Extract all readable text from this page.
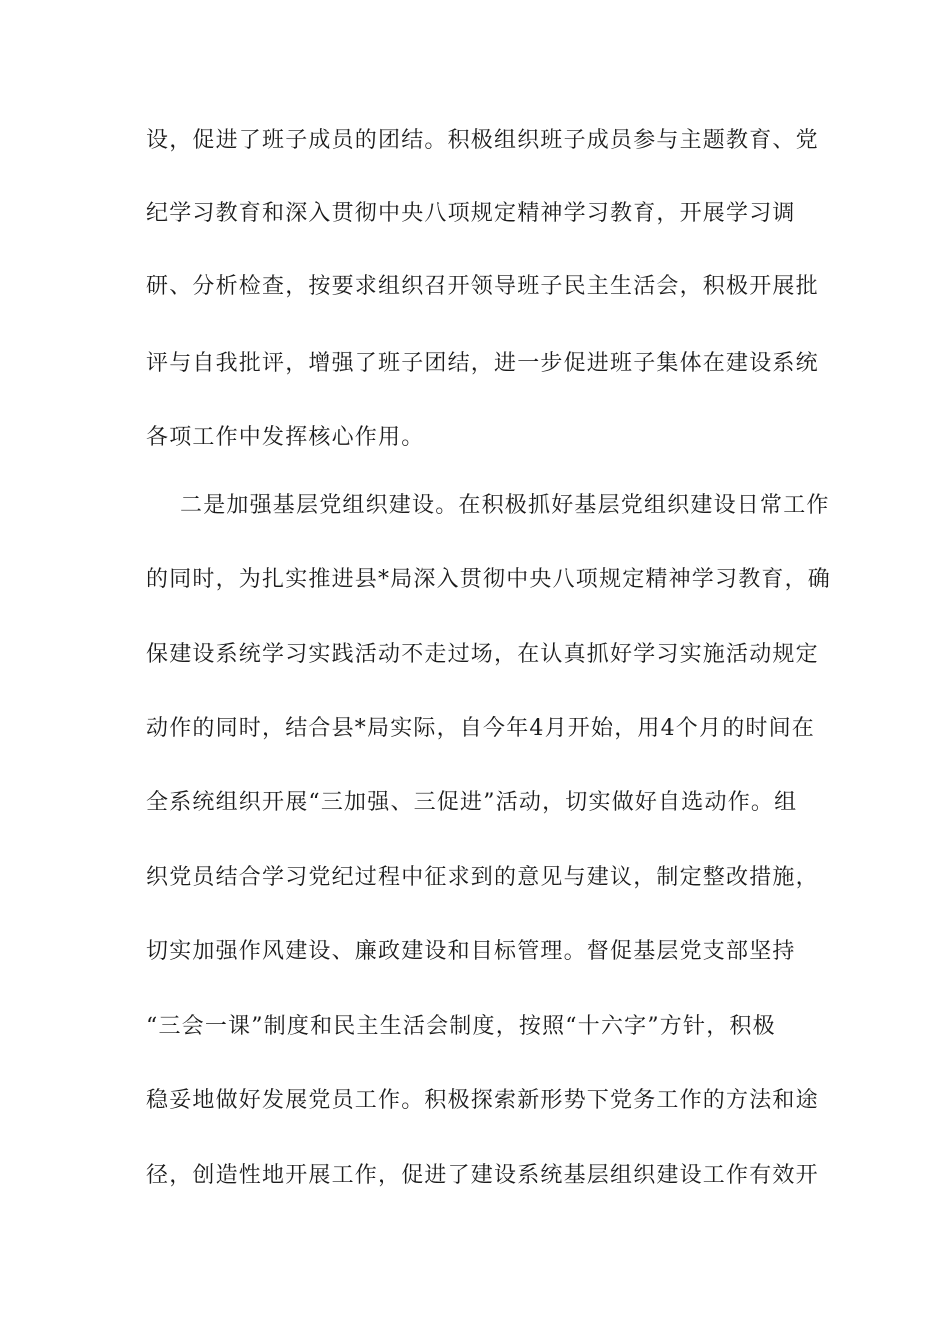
设，促进了班子成员的团结。积极组织班子成员参与主题教育、党
纪学习教育和深入贯彻中央八项规定精神学习教育，开展学习调
研、分析检查，按要求组织召开领导班子民主生活会，积极开展批
评与自我批评，增强了班子团结，进一步促进班子集体在建设系统
各项工作中发挥核心作用。
二是加强基层党组织建设。在积极抓好基层党组织建设日常工作
的同时，为扎实推进县*局深入贯彻中央八项规定精神学习教育，确
保建设系统学习实践活动不走过场，在认真抓好学习实施活动规定
动作的同时，结合县*局实际，自今年4月开始，用4个月的时间在
全系统组织开展“三加强、三促进”活动，切实做好自选动作。组
织党员结合学习党纪过程中征求到的意见与建议，制定整改措施，
切实加强作风建设、廉政建设和目标管理。督促基层党支部坚持
“三会一课”制度和民主生活会制度，按照“十六字”方针，积极
稳妥地做好发展党员工作。积极探索新形势下党务工作的方法和途
径，创造性地开展工作，促进了建设系统基层组织建设工作有效开
